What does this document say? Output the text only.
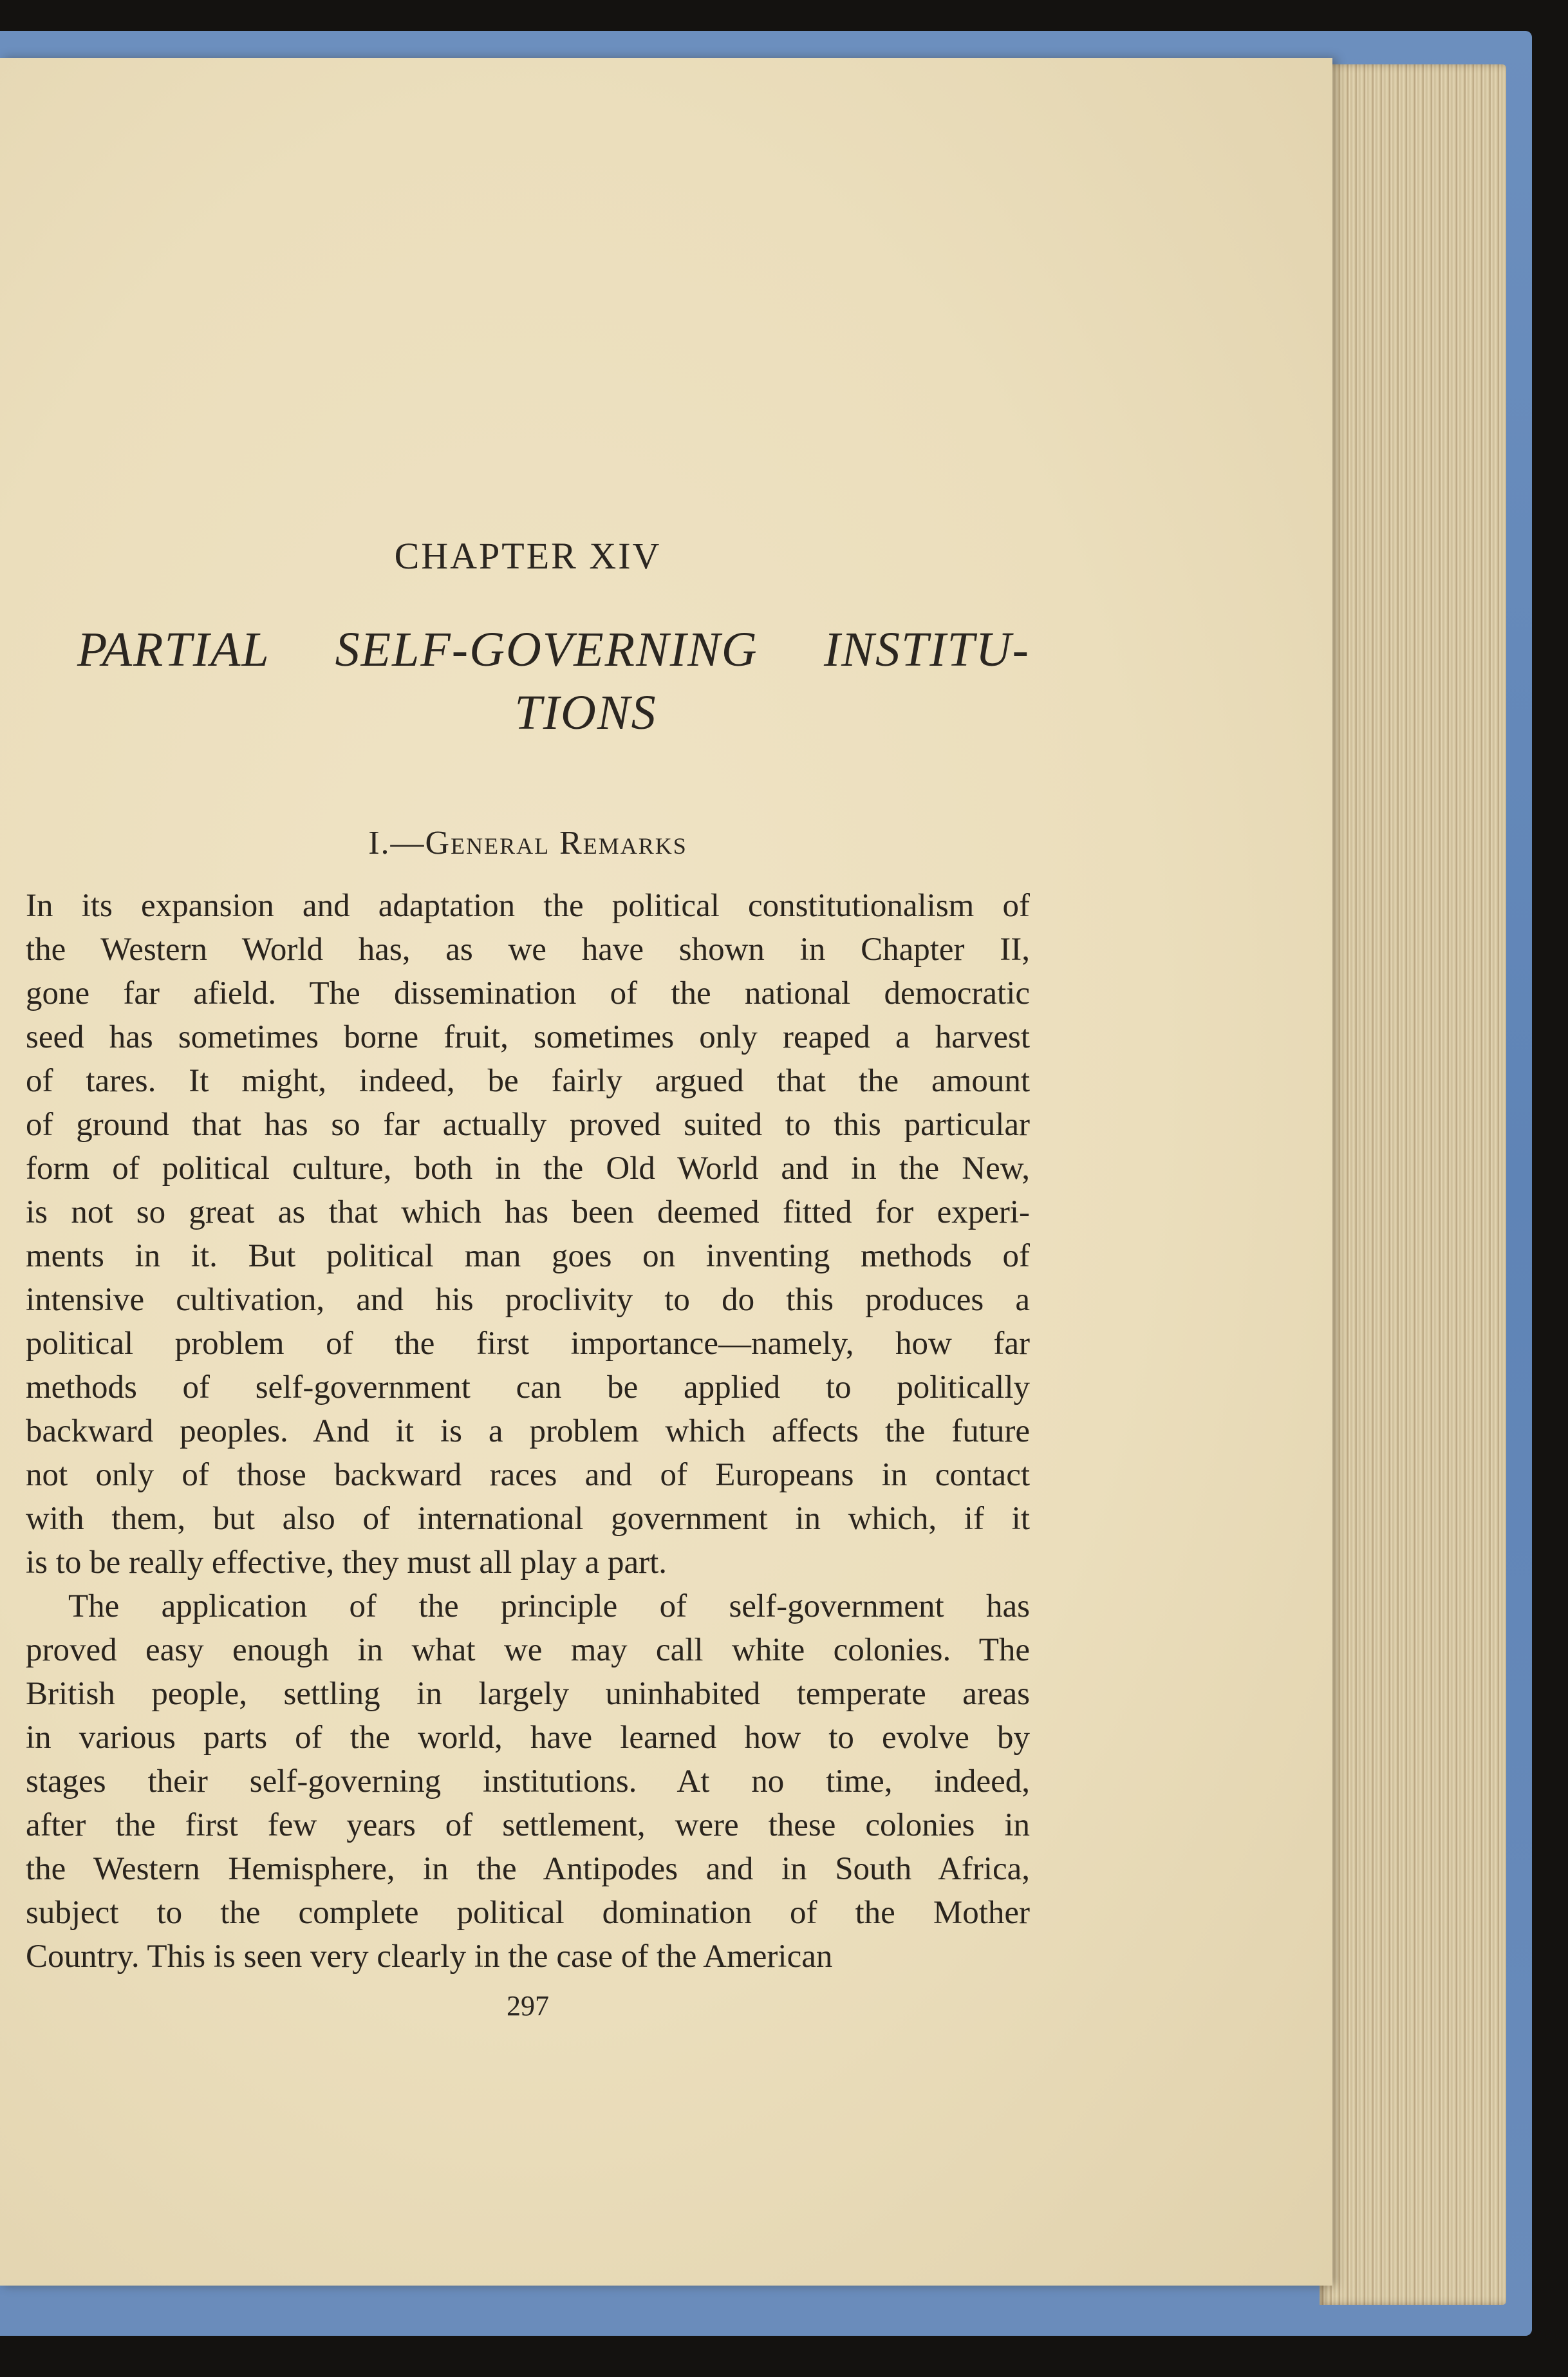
CHAPTER XIV
PARTIAL SELF-GOVERNING INSTITU-
TIONS
I.—General Remarks

In its expansion and adaptation the political constitutionalism of
the Western World has, as we have shown in Chapter II,
gone far afield. The dissemination of the national democratic
seed has sometimes borne fruit, sometimes only reaped a harvest
of tares. It might, indeed, be fairly argued that the amount
of ground that has so far actually proved suited to this particular
form of political culture, both in the Old World and in the New,
is not so great as that which has been deemed fitted for experi-
ments in it. But political man goes on inventing methods of
intensive cultivation, and his proclivity to do this produces a
political problem of the first importance—namely, how far
methods of self-government can be applied to politically
backward peoples. And it is a problem which affects the future
not only of those backward races and of Europeans in contact
with them, but also of international government in which, if it
is to be really effective, they must all play a part.

The application of the principle of self-government has
proved easy enough in what we may call white colonies. The
British people, settling in largely uninhabited temperate areas
in various parts of the world, have learned how to evolve by
stages their self-governing institutions. At no time, indeed,
after the first few years of settlement, were these colonies in
the Western Hemisphere, in the Antipodes and in South Africa,
subject to the complete political domination of the Mother
Country. This is seen very clearly in the case of the American

297
